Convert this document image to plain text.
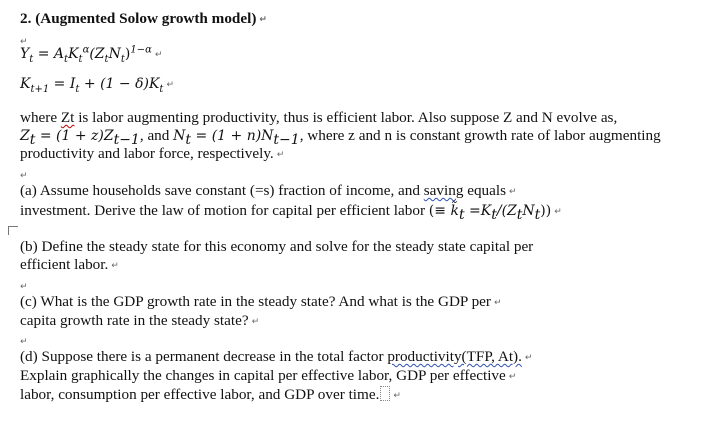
2. (Augmented Solow growth model) ↵
↵
$Y_t = A_tK_t^\alpha(Z_tN_t)^{1-\alpha}$ ↵
$K_{t+1} = I_t + (1 - \delta)K_t$ ↵
where Zt is labor augmenting productivity, thus is efficient labor. Also suppose Z and N evolve as,
$Z_t = (1 + z)Z_{t-1}$, and $N_t = (1 + n)N_{t-1}$, where z and n is constant growth rate of labor augmenting
productivity and labor force, respectively. ↵
↵
(a) Assume households save constant (=s) fraction of income, and saving equals ↵
investment. Derive the law of motion for capital per efficient labor (≡ $k̃_t =K_t/(Z_tN_t)$) ↵
(b) Define the steady state for this economy and solve for the steady state capital per
efficient labor. ↵
↵
(c) What is the GDP growth rate in the steady state? And what is the GDP per ↵
capita growth rate in the steady state? ↵
↵
(d) Suppose there is a permanent decrease in the total factor productivity(TFP, At). ↵
Explain graphically the changes in capital per effective labor, GDP per effective ↵
labor, consumption per effective labor, and GDP over time. ↵
